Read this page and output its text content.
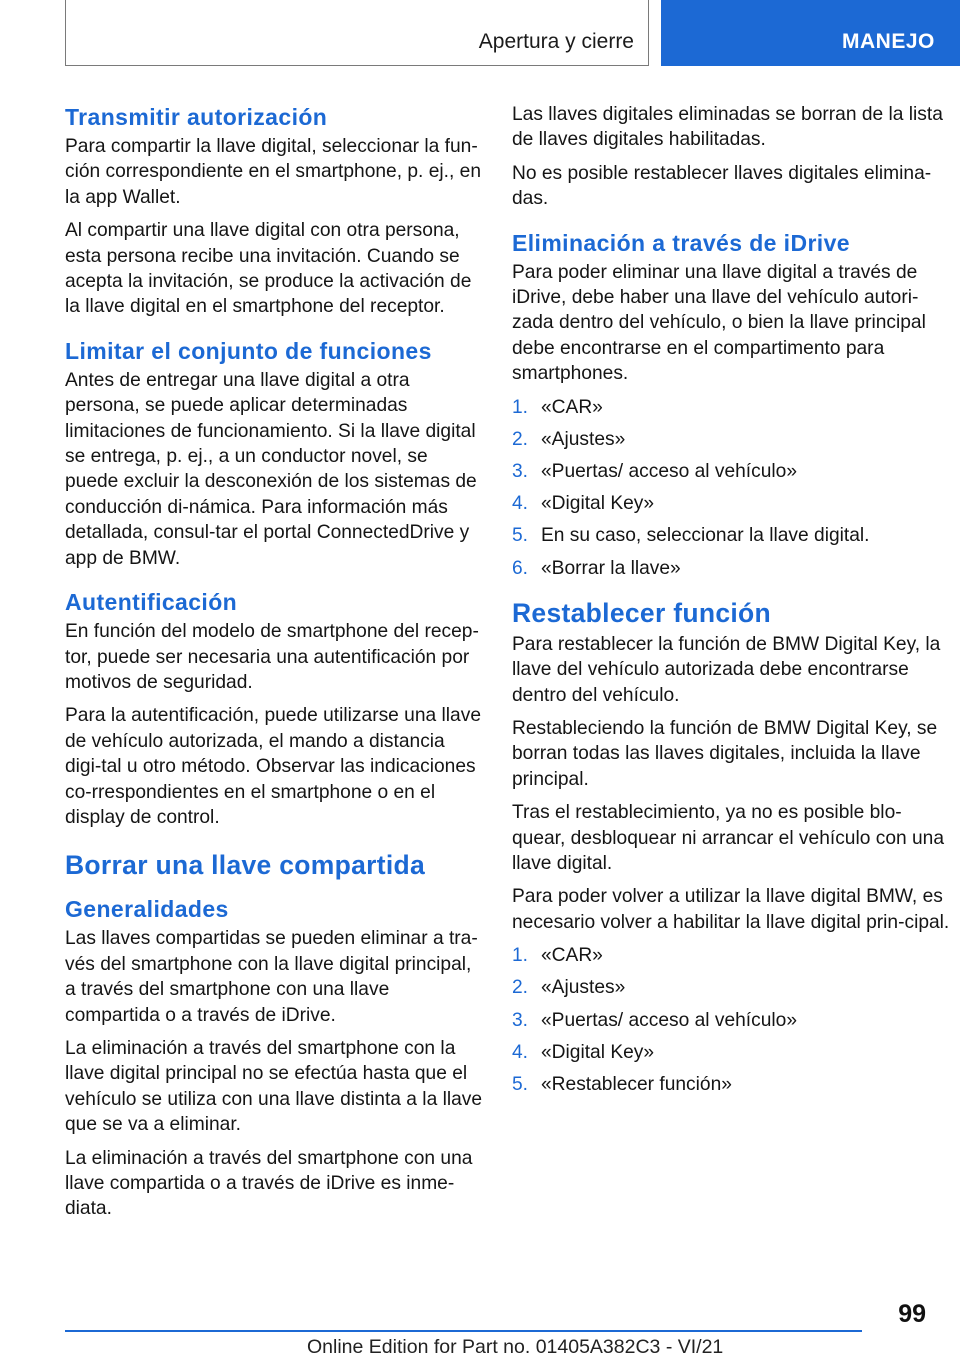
Apertura y cierre	MANEJO
Transmitir autorización

Para compartir la llave digital, seleccionar la fun-ción correspondiente en el smartphone, p. ej., en la app Wallet.

Al compartir una llave digital con otra persona, esta persona recibe una invitación. Cuando se acepta la invitación, se produce la activación de la llave digital en el smartphone del receptor.

Limitar el conjunto de funciones

Antes de entregar una llave digital a otra persona, se puede aplicar determinadas limitaciones de funcionamiento. Si la llave digital se entrega, p. ej., a un conductor novel, se puede excluir la desconexión de los sistemas de conducción di-námica. Para información más detallada, consul-tar el portal ConnectedDrive y app de BMW.

Autentificación

En función del modelo de smartphone del recep-tor, puede ser necesaria una autentificación por motivos de seguridad.

Para la autentificación, puede utilizarse una llave de vehículo autorizada, el mando a distancia digi-tal u otro método. Observar las indicaciones co-rrespondientes en el smartphone o en el display de control.

Borrar una llave compartida
Generalidades

Las llaves compartidas se pueden eliminar a tra-vés del smartphone con la llave digital principal, a través del smartphone con una llave compartida o a través de iDrive.

La eliminación a través del smartphone con la llave digital principal no se efectúa hasta que el vehículo se utiliza con una llave distinta a la llave que se va a eliminar.

La eliminación a través del smartphone con una llave compartida o a través de iDrive es inme-diata.

Las llaves digitales eliminadas se borran de la lista de llaves digitales habilitadas.

No es posible restablecer llaves digitales elimina-das.

Eliminación a través de iDrive

Para poder eliminar una llave digital a través de iDrive, debe haber una llave del vehículo autori-zada dentro del vehículo, o bien la llave principal debe encontrarse en el compartimento para smartphones.

1. «CAR»
2. «Ajustes»
3. «Puertas/ acceso al vehículo»
4. «Digital Key»
5. En su caso, seleccionar la llave digital.
6. «Borrar la llave»
Restablecer función

Para restablecer la función de BMW Digital Key, la llave del vehículo autorizada debe encontrarse dentro del vehículo.

Restableciendo la función de BMW Digital Key, se borran todas las llaves digitales, incluida la llave principal.

Tras el restablecimiento, ya no es posible blo-quear, desbloquear ni arrancar el vehículo con una llave digital.

Para poder volver a utilizar la llave digital BMW, es necesario volver a habilitar la llave digital prin-cipal.

1. «CAR»
2. «Ajustes»
3. «Puertas/ acceso al vehículo»
4. «Digital Key»
5. «Restablecer función»
99
Online Edition for Part no. 01405A382C3 - VI/21
